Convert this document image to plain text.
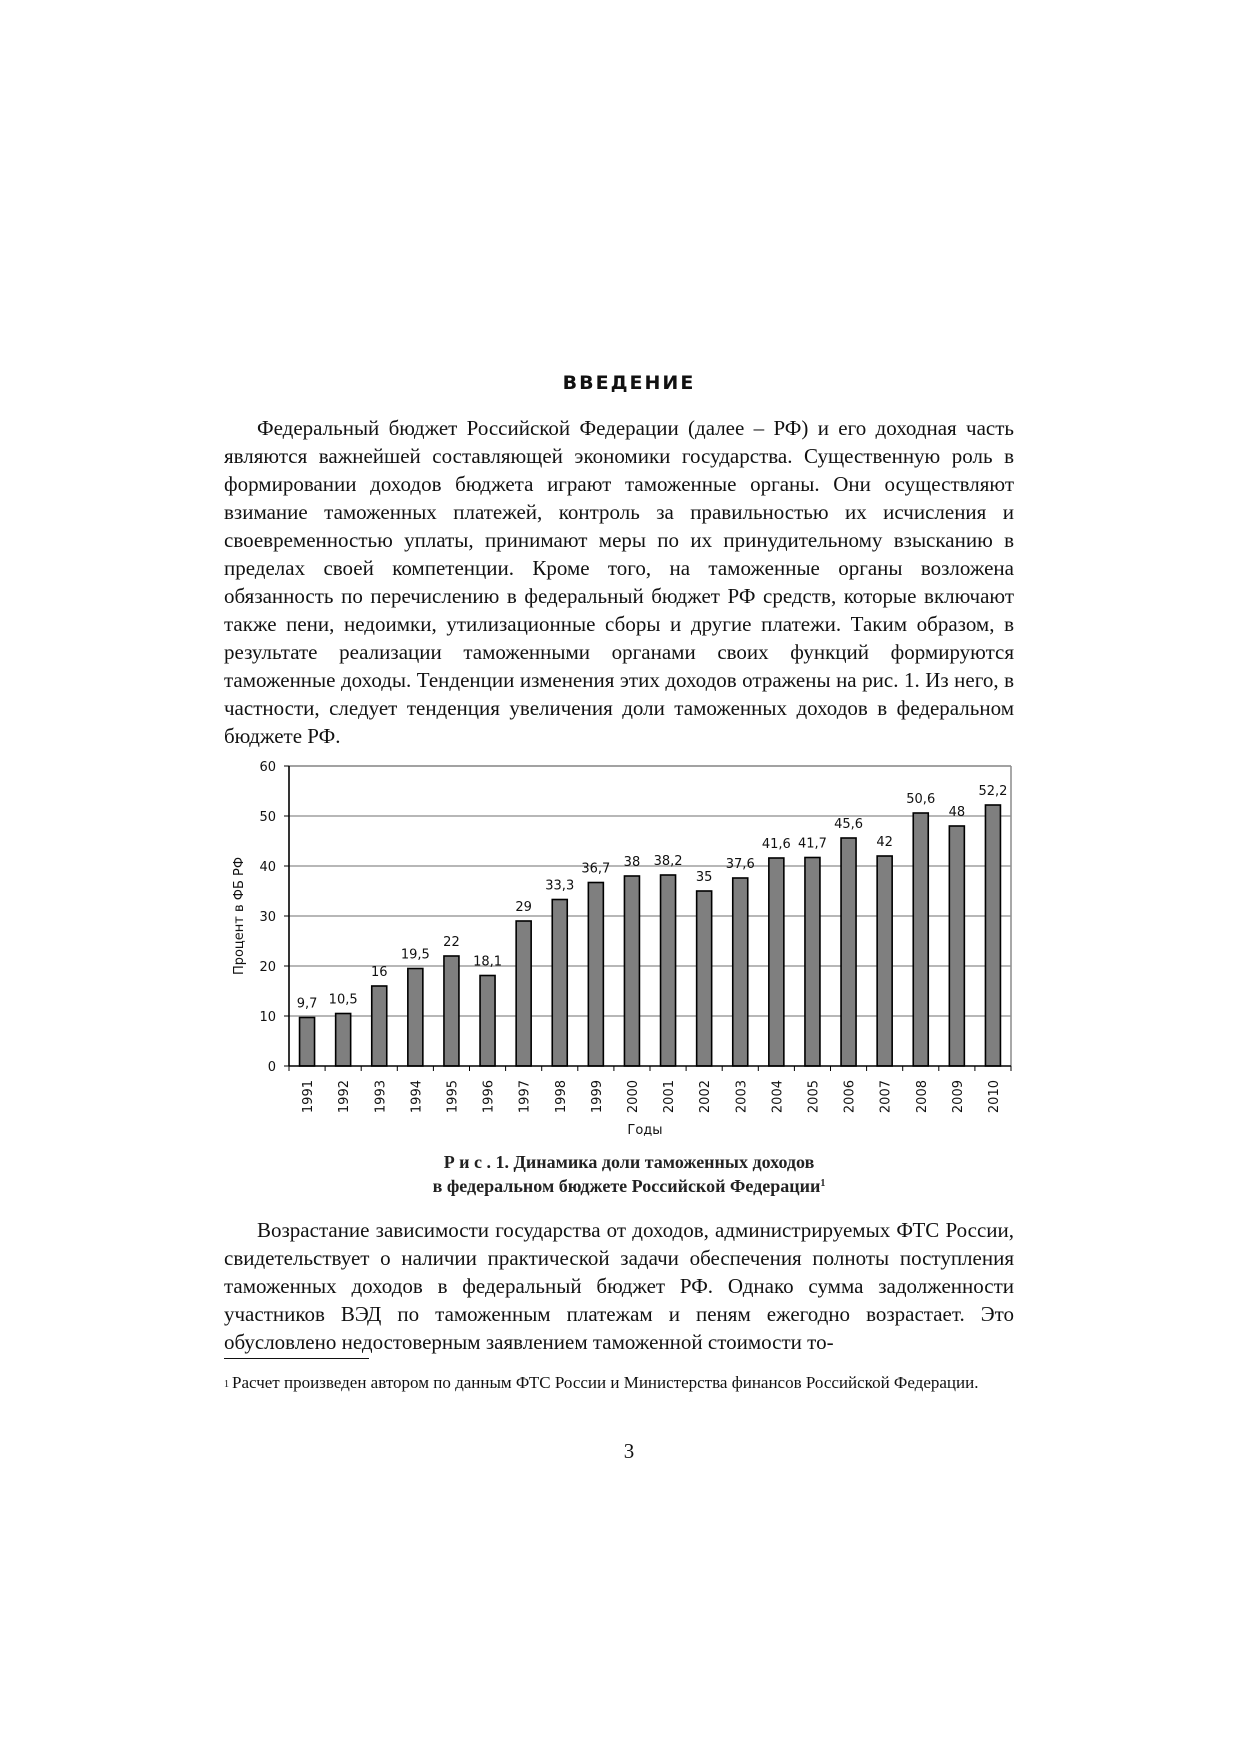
ВВЕДЕНИЕ

Федеральный бюджет Российской Федерации (далее – РФ) и его доходная часть являются важнейшей составляющей экономики государства. Существенную роль в формировании доходов бюджета играют таможенные органы. Они осуществляют взимание таможенных платежей, контроль за правильностью их исчисления и своевременностью уплаты, принимают меры по их принудительному взысканию в пределах своей компетенции. Кроме того, на таможенные органы возложена обязанность по перечислению в федеральный бюджет РФ средств, которые включают также пени, недоимки, утилизационные сборы и другие платежи. Таким образом, в результате реализации таможенными органами своих функций формируются таможенные доходы. Тенденции изменения этих доходов отражены на рис. 1. Из него, в частности, следует тенденция увеличения доли таможенных доходов в федеральном бюджете РФ.

0
10
20
30
40
50
60
9,7
1991
10,5
1992
16
1993
19,5
1994
22
1995
18,1
1996
29
1997
33,3
1998
36,7
1999
38
2000
38,2
2001
35
2002
37,6
2003
41,6
2004
41,7
2005
45,6
2006
42
2007
50,6
2008
48
2009
52,2
2010
Процент в ФБ РФ
Годы
Р и с . 1. Динамика доли таможенных доходов
в федеральном бюджете Российской Федерации$^1$

Возрастание зависимости государства от доходов, администрируемых ФТС России, свидетельствует о наличии практической задачи обеспечения полноты поступления таможенных доходов в федеральный бюджет РФ. Однако сумма задолженности участников ВЭД по таможенным платежам и пеням ежегодно возрастает. Это обусловлено недостоверным заявлением таможенной стоимости то-

$^1$ Расчет произведен автором по данным ФТС России и Министерства финансов Российской Федерации.

3
